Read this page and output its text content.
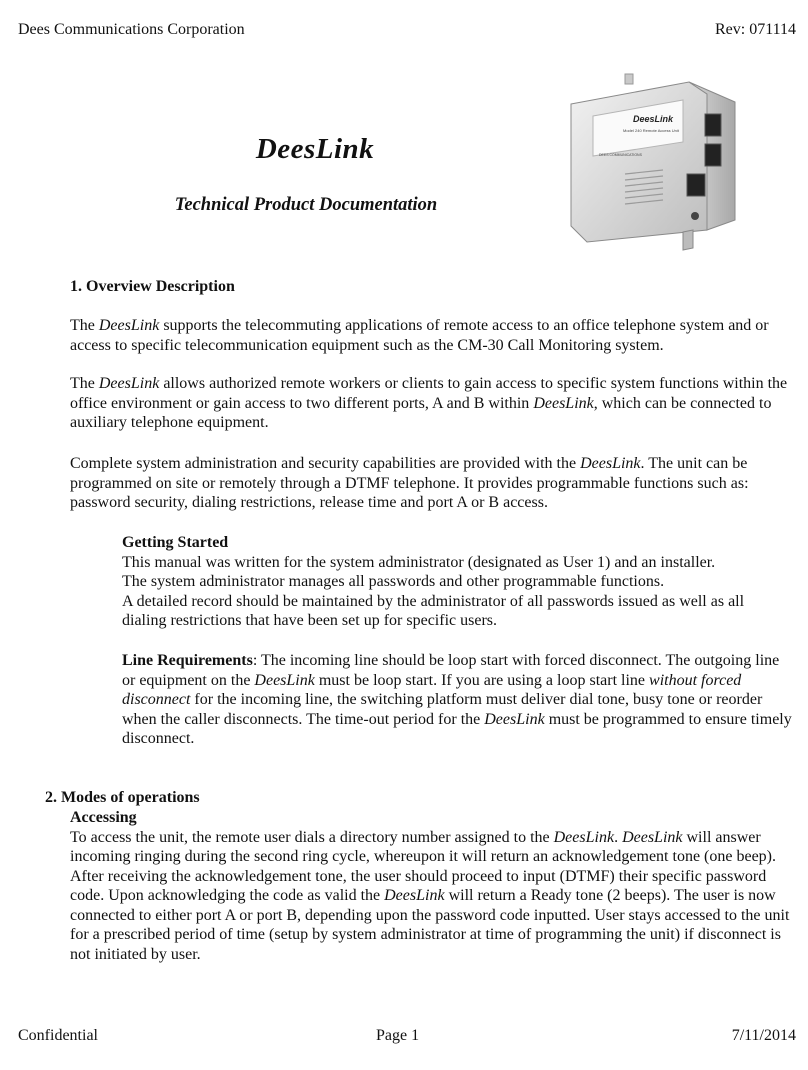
Dees Communications Corporation	Rev: 071114
DeesLink
Technical Product Documentation
DeesLink
Model 240 Remote Access Unit
DEES COMMUNICATIONS

1. Overview Description

The DeesLink supports the telecommuting applications of remote access to an office telephone system and or access to specific telecommunication equipment such as the CM-30 Call Monitoring system.

The DeesLink allows authorized remote workers or clients to gain access to specific system functions within the office environment or gain access to two different ports, A and B within DeesLink, which can be connected to auxiliary telephone equipment.

Complete system administration and security capabilities are provided with the DeesLink. The unit can be programmed on site or remotely through a DTMF telephone. It provides programmable functions such as: password security, dialing restrictions, release time and port A or B access.

Getting Started

This manual was written for the system administrator (designated as User 1) and an installer.

The system administrator manages all passwords and other programmable functions.

A detailed record should be maintained by the administrator of all passwords issued as well as all dialing restrictions that have been set up for specific users.

Line Requirements: The incoming line should be loop start with forced disconnect. The outgoing line or equipment on the DeesLink must be loop start. If you are using a loop start line without forced disconnect for the incoming line, the switching platform must deliver dial tone, busy tone or reorder when the caller disconnects. The time-out period for the DeesLink must be programmed to ensure timely disconnect.

2. Modes of operations

Accessing

To access the unit, the remote user dials a directory number assigned to the DeesLink. DeesLink will answer incoming ringing during the second ring cycle, whereupon it will return an acknowledgement tone (one beep). After receiving the acknowledgement tone, the user should proceed to input (DTMF) their specific password code. Upon acknowledging the code as valid the DeesLink will return a Ready tone (2 beeps). The user is now connected to either port A or port B, depending upon the password code inputted. User stays accessed to the unit for a prescribed period of time (setup by system administrator at time of programming the unit) if disconnect is not initiated by user.

Confidential	Page 1	7/11/2014
